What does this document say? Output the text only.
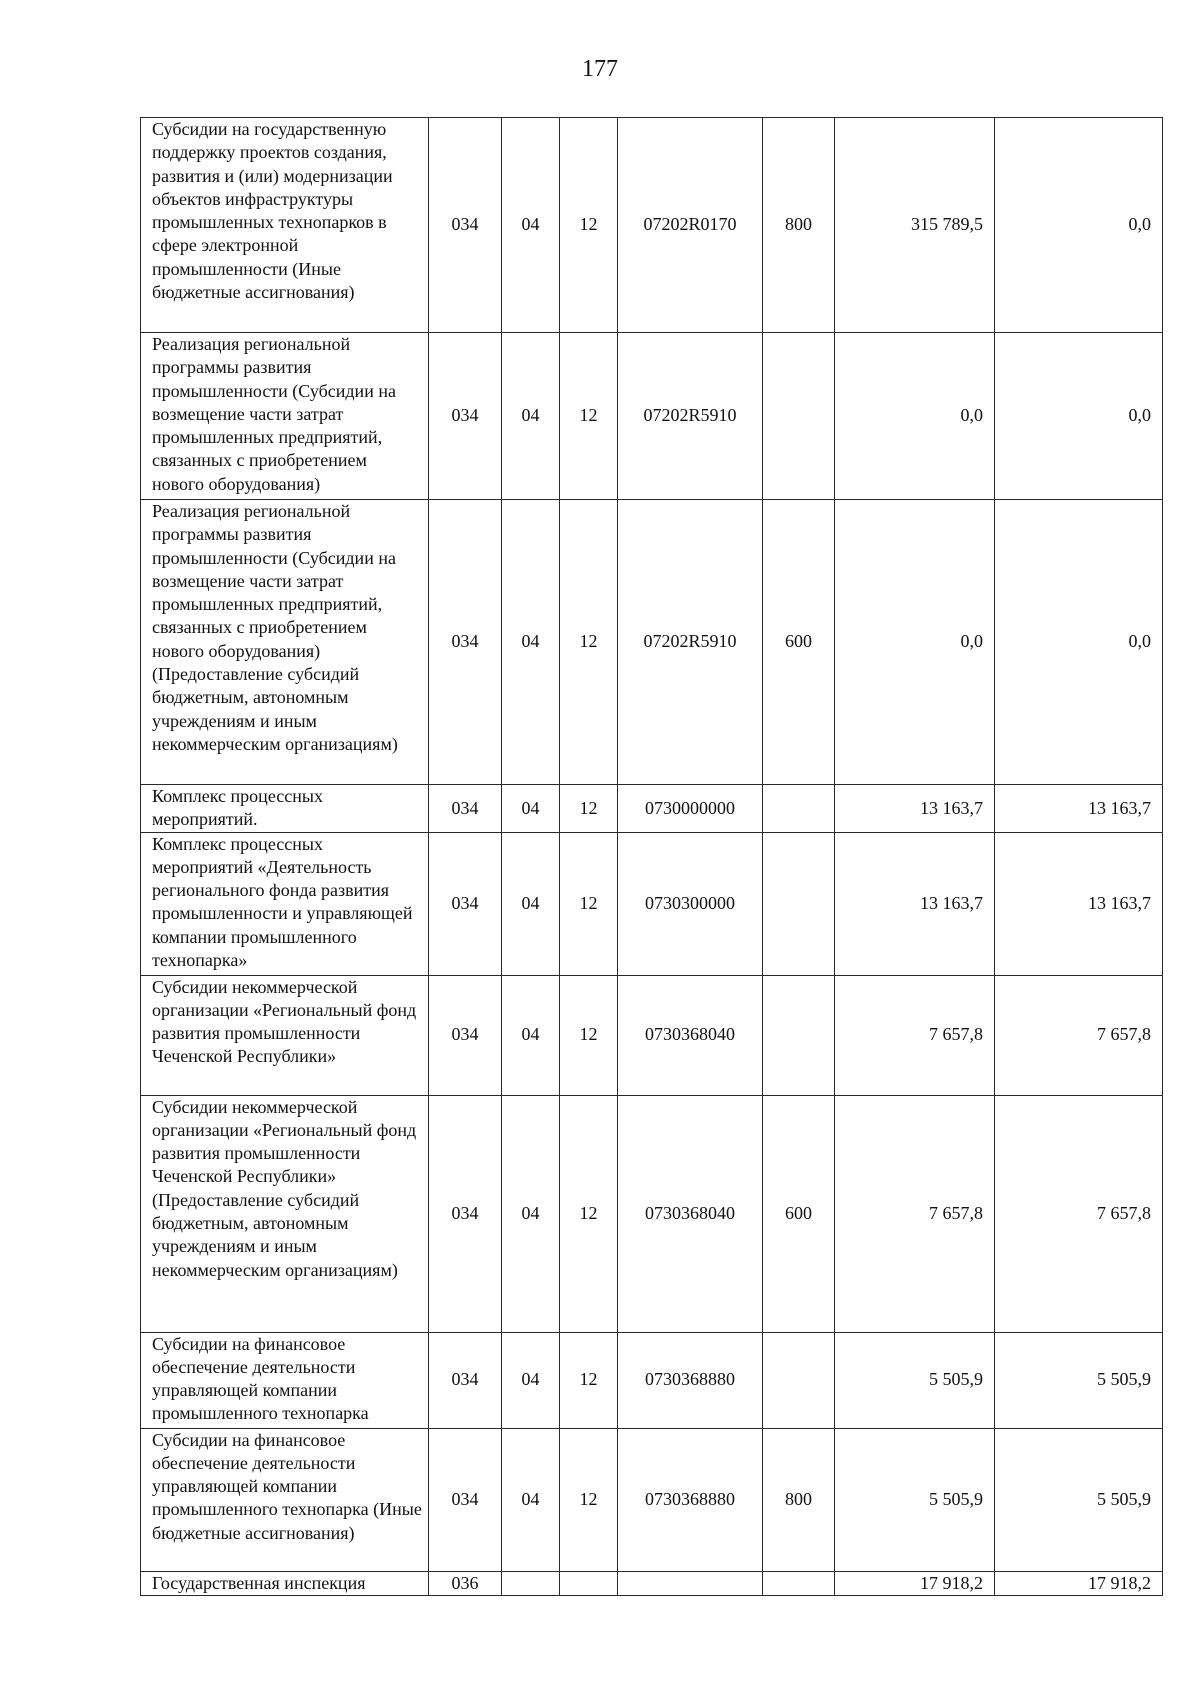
177
Субсидии на государственную поддержку проектов создания, развития и (или) модернизации объектов инфраструктуры промышленных технопарков в сфере электронной промышленности (Иные бюджетные ассигнования)	034	04	12	07202R0170	800	315 789,5	0,0
Реализация региональной программы развития промышленности (Субсидии на возмещение части затрат промышленных предприятий, связанных с приобретением нового оборудования)	034	04	12	07202R5910		0,0	0,0
Реализация региональной программы развития промышленности (Субсидии на возмещение части затрат промышленных предприятий, связанных с приобретением нового оборудования) (Предоставление субсидий бюджетным, автономным учреждениям и иным некоммерческим организациям)	034	04	12	07202R5910	600	0,0	0,0
Комплекс процессных мероприятий.	034	04	12	0730000000		13 163,7	13 163,7
Комплекс процессных мероприятий «Деятельность регионального фонда развития промышленности и управляющей компании промышленного технопарка»	034	04	12	0730300000		13 163,7	13 163,7
Субсидии некоммерческой организации «Региональный фонд развития промышленности Чеченской Республики»	034	04	12	0730368040		7 657,8	7 657,8
Субсидии некоммерческой организации «Региональный фонд развития промышленности Чеченской Республики» (Предоставление субсидий бюджетным, автономным учреждениям и иным некоммерческим организациям)	034	04	12	0730368040	600	7 657,8	7 657,8
Субсидии на финансовое обеспечение деятельности управляющей компании промышленного технопарка	034	04	12	0730368880		5 505,9	5 505,9
Субсидии на финансовое обеспечение деятельности управляющей компании промышленного технопарка (Иные бюджетные ассигнования)	034	04	12	0730368880	800	5 505,9	5 505,9
Государственная инспекция	036					17 918,2	17 918,2
